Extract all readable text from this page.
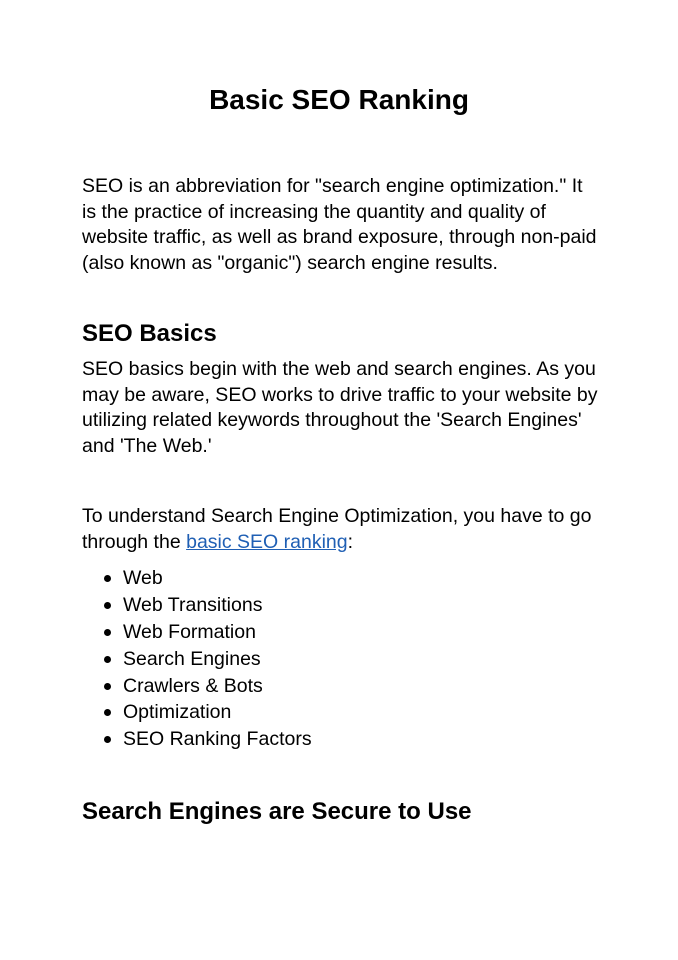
Basic SEO Ranking

SEO is an abbreviation for "search engine optimization." It is the practice of increasing the quantity and quality of website traffic, as well as brand exposure, through non-paid (also known as "organic") search engine results.

SEO Basics

SEO basics begin with the web and search engines. As you may be aware, SEO works to drive traffic to your website by utilizing related keywords throughout the 'Search Engines' and 'The Web.'

To understand Search Engine Optimization, you have to go through the basic SEO ranking:

Web
Web Transitions
Web Formation
Search Engines
Crawlers & Bots
Optimization
SEO Ranking Factors
Search Engines are Secure to Use
